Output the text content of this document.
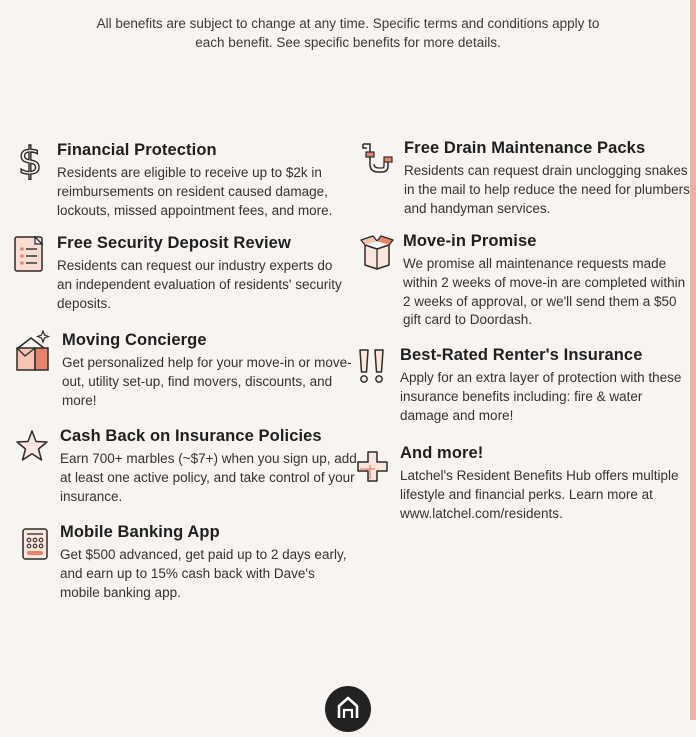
All benefits are subject to change at any time. Specific terms and conditions apply to
each benefit. See specific benefits for more details.
$ Financial Protection
Residents are eligible to receive up to $2k in reimbursements on resident caused damage, lockouts, missed appointment fees, and more.
Free Security Deposit Review
Residents can request our industry experts do an independent evaluation of residents' security deposits.
Moving Concierge
Get personalized help for your move-in or move-out, utility set-up, find movers, discounts, and more!
Cash Back on Insurance Policies
Earn 700+ marbles (~$7+) when you sign up, add at least one active policy, and take control of your insurance.
Mobile Banking App
Get $500 advanced, get paid up to 2 days early, and earn up to 15% cash back with Dave's mobile banking app.
Free Drain Maintenance Packs
Residents can request drain unclogging snakes in the mail to help reduce the need for plumbers and handyman services.
Move-in Promise
We promise all maintenance requests made within 2 weeks of move-in are completed within 2 weeks of approval, or we'll send them a $50 gift card to Doordash.
Best-Rated Renter's Insurance
Apply for an extra layer of protection with these insurance benefits including: fire & water damage and more!
And more!
Latchel's Resident Benefits Hub offers multiple lifestyle and financial perks. Learn more at www.latchel.com/residents.
